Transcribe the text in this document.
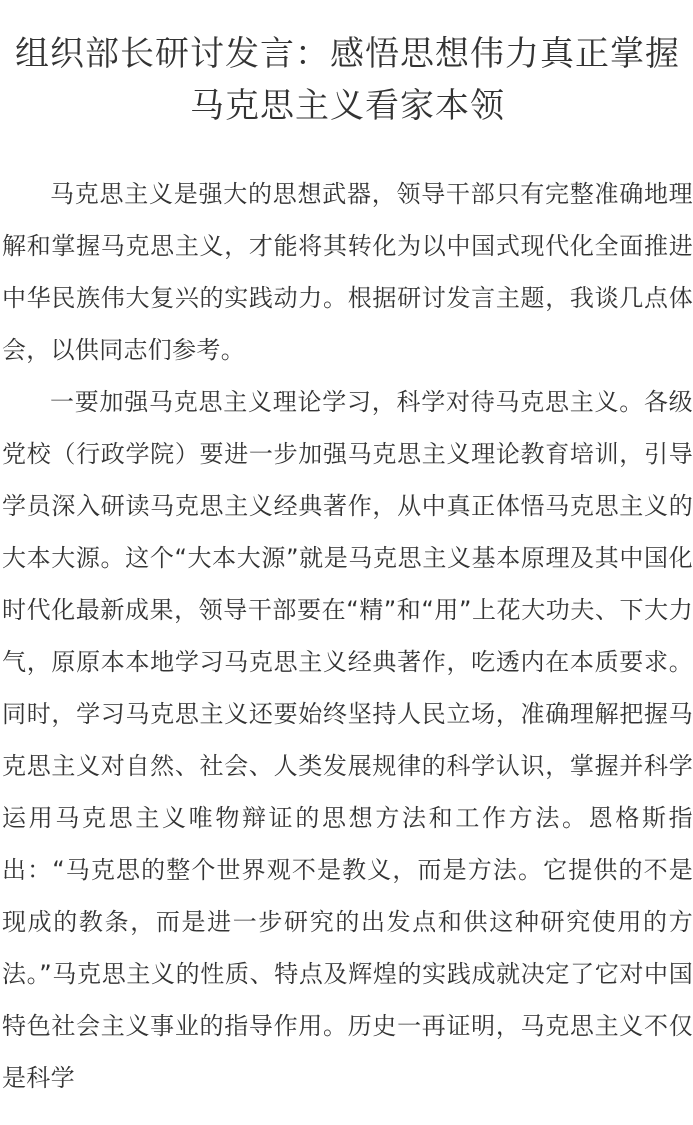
组织部长研讨发言：感悟思想伟力真正掌握马克思主义看家本领

马克思主义是强大的思想武器，领导干部只有完整准确地理解和掌握马克思主义，才能将其转化为以中国式现代化全面推进中华民族伟大复兴的实践动力。根据研讨发言主题，我谈几点体会，以供同志们参考。

一要加强马克思主义理论学习，科学对待马克思主义。各级党校（行政学院）要进一步加强马克思主义理论教育培训，引导学员深入研读马克思主义经典著作，从中真正体悟马克思主义的大本大源。这个“大本大源”就是马克思主义基本原理及其中国化时代化最新成果，领导干部要在“精”和“用”上花大功夫、下大力气，原原本本地学习马克思主义经典著作，吃透内在本质要求。同时，学习马克思主义还要始终坚持人民立场，准确理解把握马克思主义对自然、社会、人类发展规律的科学认识，掌握并科学运用马克思主义唯物辩证的思想方法和工作方法。恩格斯指出：“马克思的整个世界观不是教义，而是方法。它提供的不是现成的教条，而是进一步研究的出发点和供这种研究使用的方法。”马克思主义的性质、特点及辉煌的实践成就决定了它对中国特色社会主义事业的指导作用。历史一再证明，马克思主义不仅是科学
